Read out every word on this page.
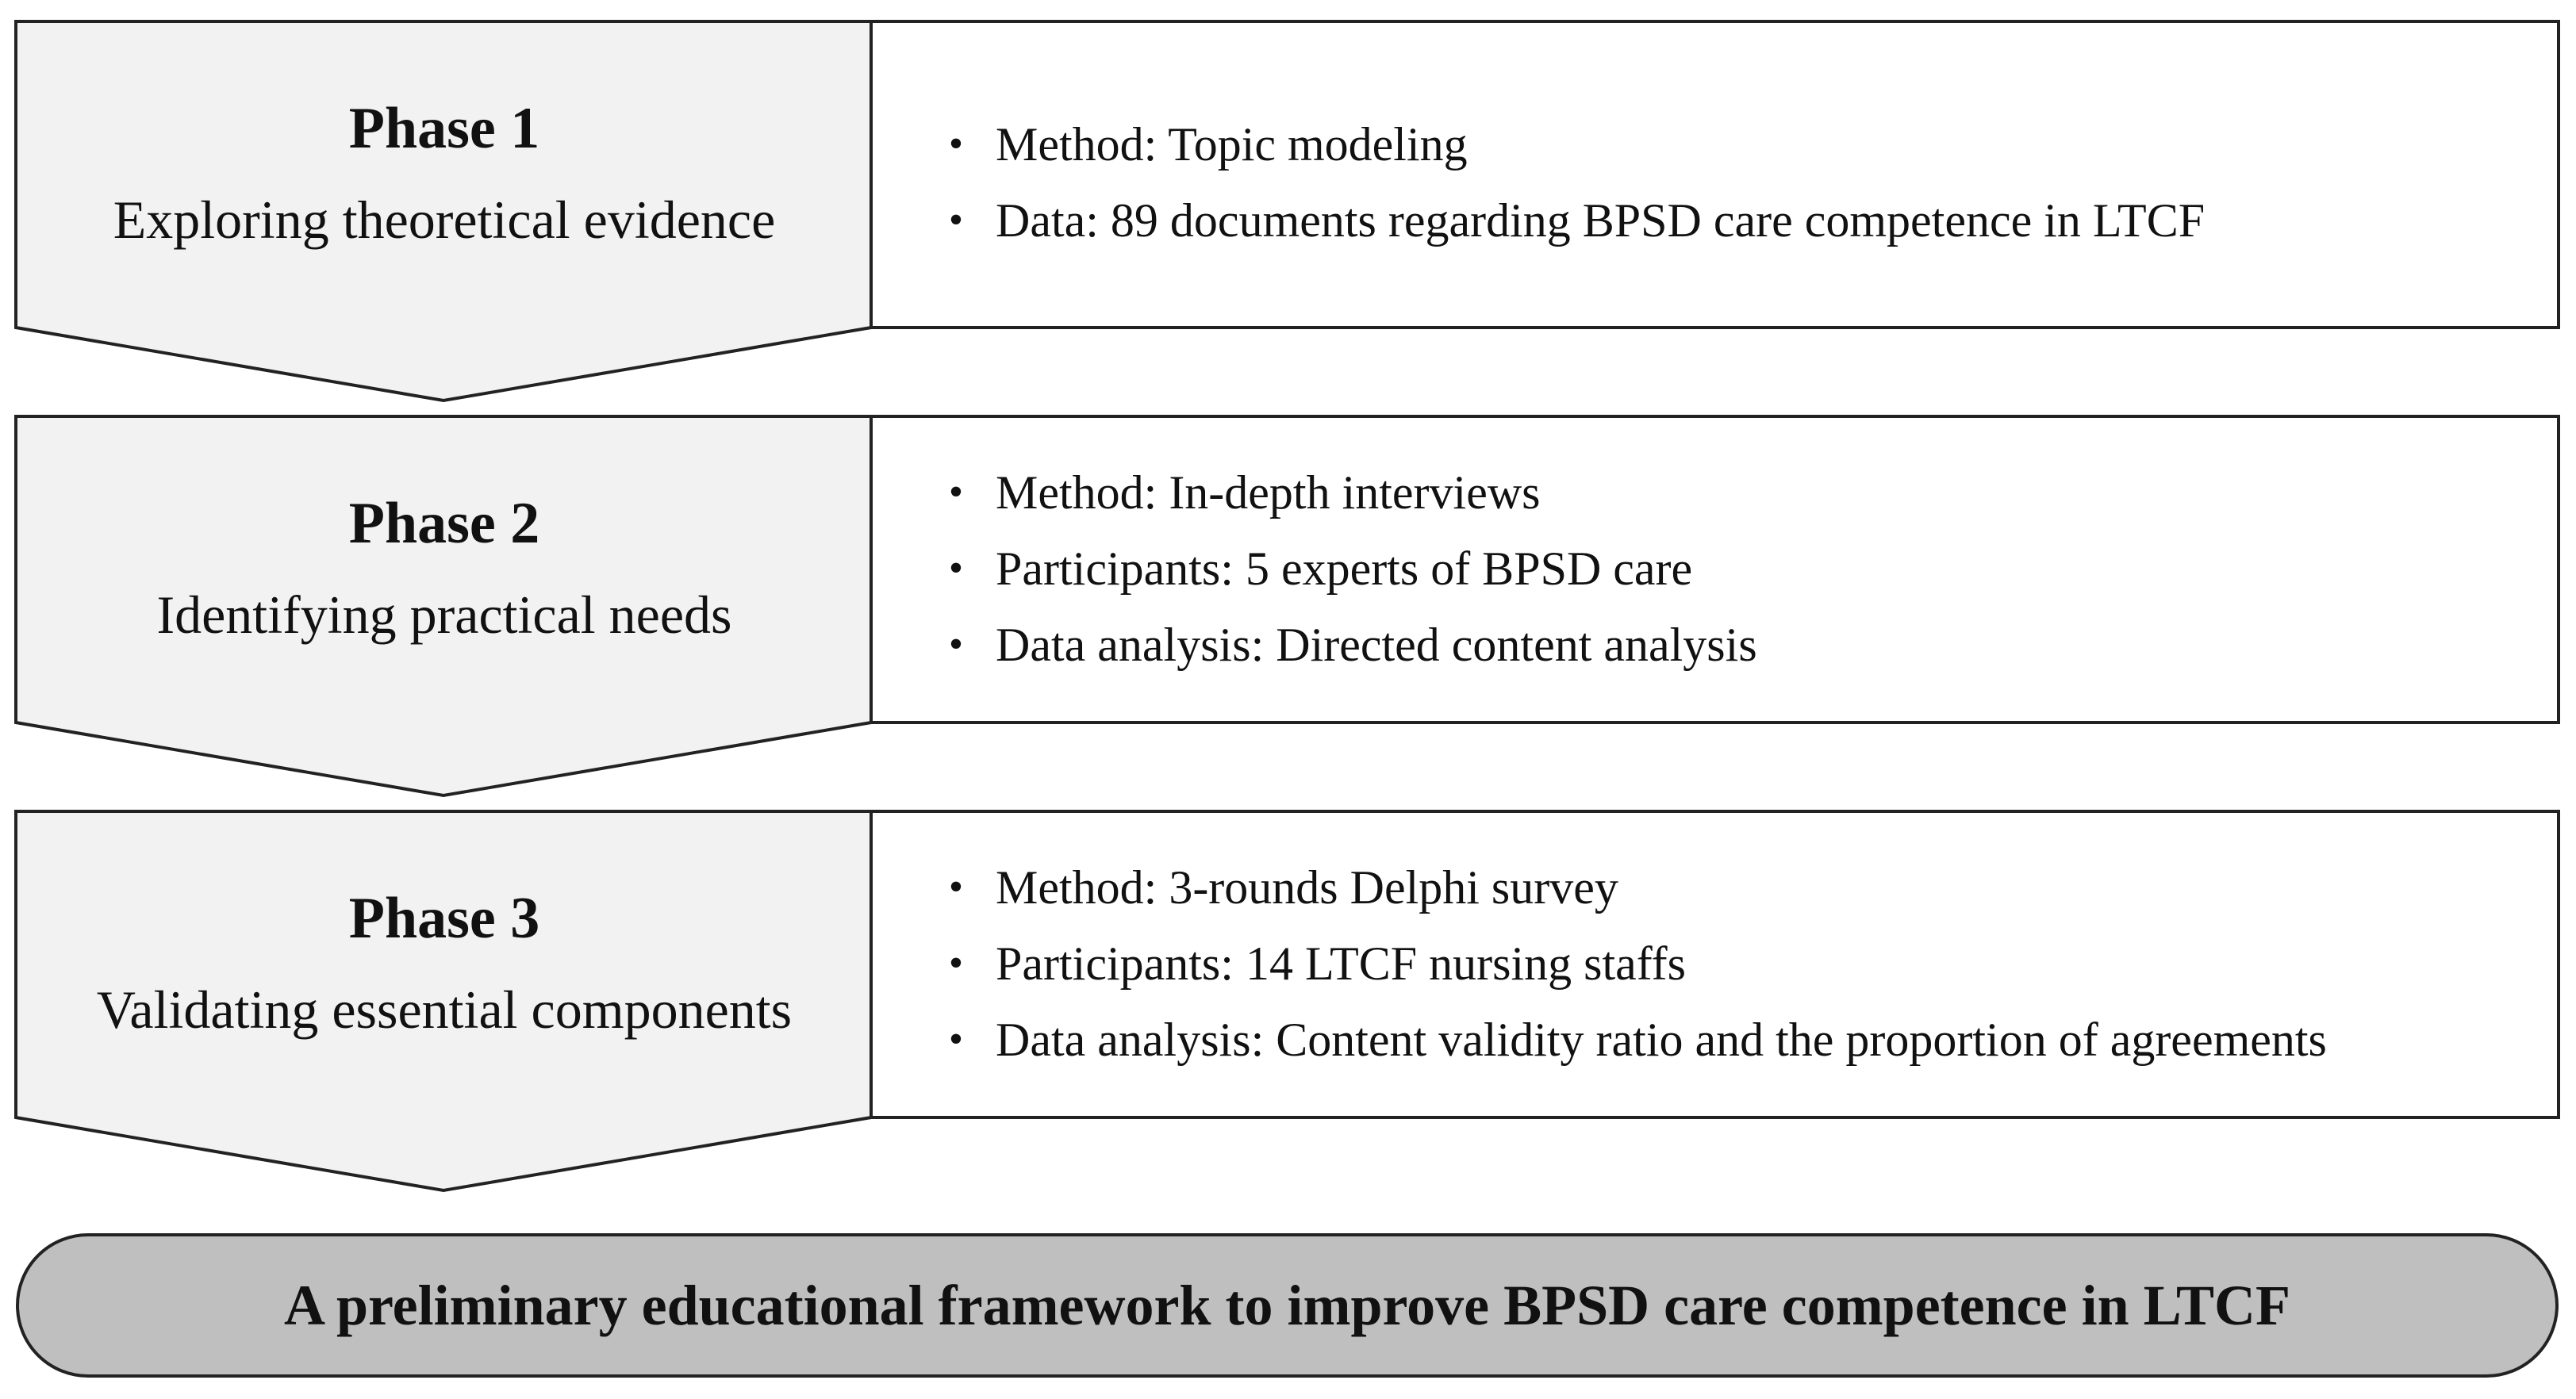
Phase 1
Exploring theoretical evidence
• Method: Topic modeling
• Data: 89 documents regarding BPSD care competence in LTCF
Phase 2
Identifying practical needs
• Method: In-depth interviews
• Participants: 5 experts of BPSD care
• Data analysis: Directed content analysis
Phase 3
Validating essential components
• Method: 3-rounds Delphi survey
• Participants: 14 LTCF nursing staffs
• Data analysis: Content validity ratio and the proportion of agreements
A preliminary educational framework to improve BPSD care competence in LTCF
